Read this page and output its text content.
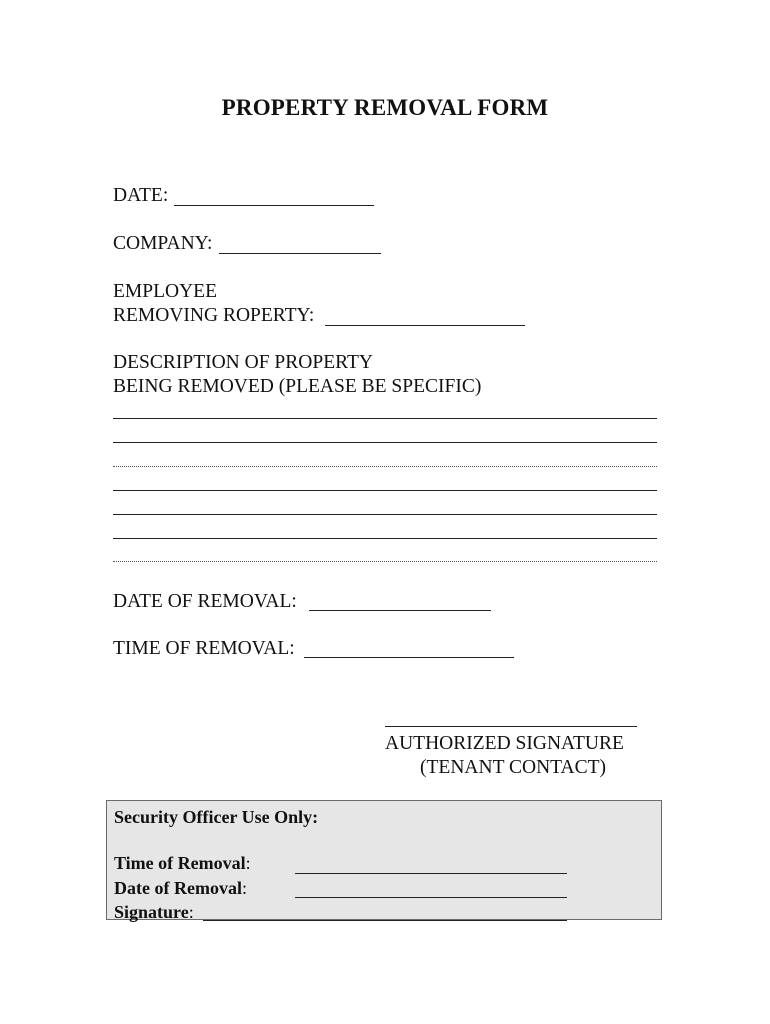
PROPERTY REMOVAL FORM
DATE:
COMPANY:
EMPLOYEE
REMOVING ROPERTY:
DESCRIPTION OF PROPERTY
BEING REMOVED (PLEASE BE SPECIFIC)
DATE OF REMOVAL:
TIME OF REMOVAL:
AUTHORIZED SIGNATURE
(TENANT CONTACT)
Security Officer Use Only:
Time of Removal:
Date of Removal:
Signature:
